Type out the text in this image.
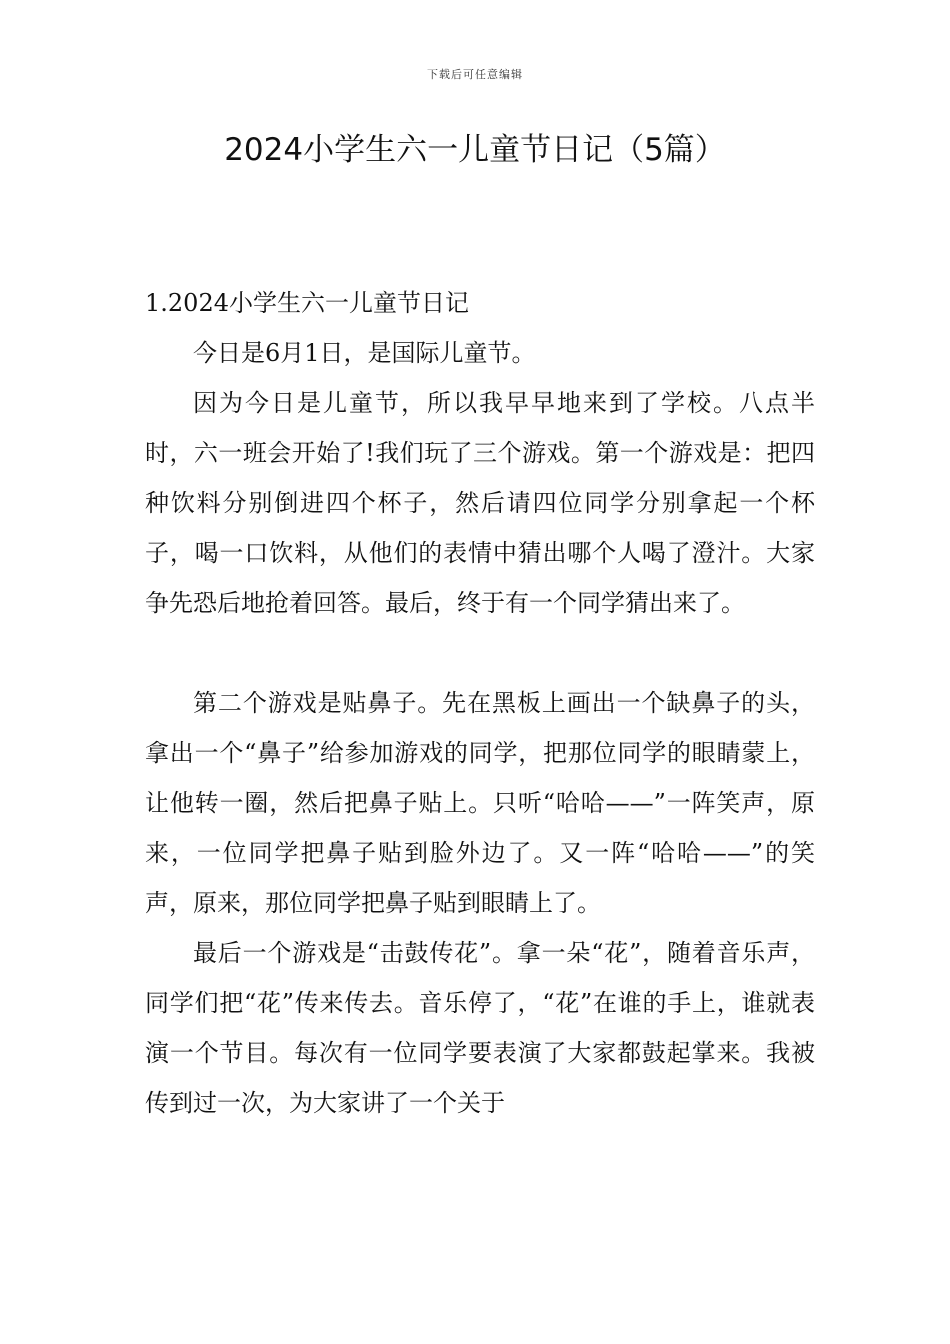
下载后可任意编辑
2024小学生六一儿童节日记（5篇）
1.2024小学生六一儿童节日记

今日是6月1日，是国际儿童节。

因为今日是儿童节，所以我早早地来到了学校。八点半时，六一班会开始了!我们玩了三个游戏。第一个游戏是：把四种饮料分别倒进四个杯子，然后请四位同学分别拿起一个杯子，喝一口饮料，从他们的表情中猜出哪个人喝了澄汁。大家争先恐后地抢着回答。最后，终于有一个同学猜出来了。

第二个游戏是贴鼻子。先在黑板上画出一个缺鼻子的头，拿出一个“鼻子”给参加游戏的同学，把那位同学的眼睛蒙上，让他转一圈，然后把鼻子贴上。只听“哈哈——”一阵笑声，原来，一位同学把鼻子贴到脸外边了。又一阵“哈哈——”的笑声，原来，那位同学把鼻子贴到眼睛上了。

最后一个游戏是“击鼓传花”。拿一朵“花”，随着音乐声，同学们把“花”传来传去。音乐停了，“花”在谁的手上，谁就表演一个节目。每次有一位同学要表演了大家都鼓起掌来。我被传到过一次，为大家讲了一个关于
